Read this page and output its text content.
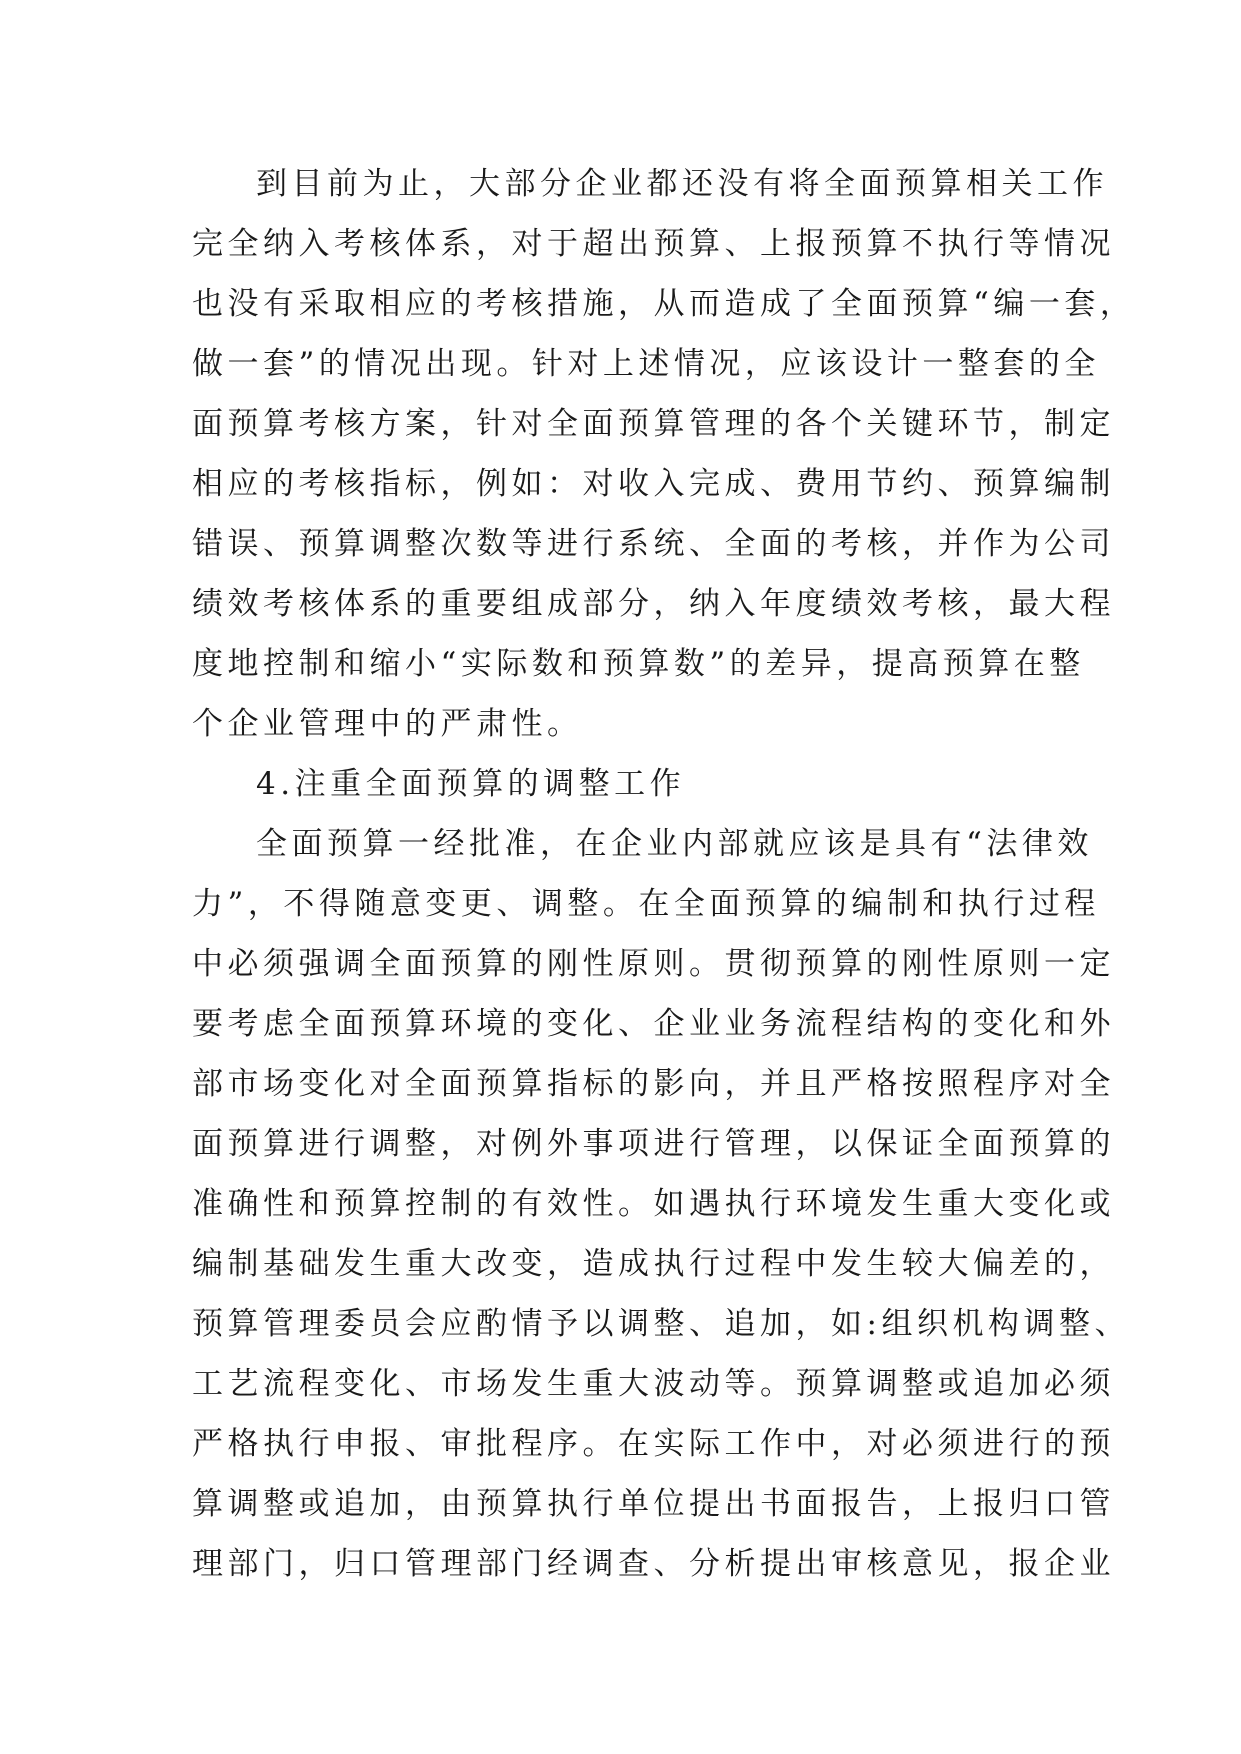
到目前为止，大部分企业都还没有将全面预算相关工作
完全纳入考核体系，对于超出预算、上报预算不执行等情况
也没有采取相应的考核措施，从而造成了全面预算“编一套，
做一套”的情况出现。针对上述情况，应该设计一整套的全
面预算考核方案，针对全面预算管理的各个关键环节，制定
相应的考核指标，例如：对收入完成、费用节约、预算编制
错误、预算调整次数等进行系统、全面的考核，并作为公司
绩效考核体系的重要组成部分，纳入年度绩效考核，最大程
度地控制和缩小“实际数和预算数”的差异，提高预算在整
个企业管理中的严肃性。
4.注重全面预算的调整工作
全面预算一经批准，在企业内部就应该是具有“法律效
力”，不得随意变更、调整。在全面预算的编制和执行过程
中必须强调全面预算的刚性原则。贯彻预算的刚性原则一定
要考虑全面预算环境的变化、企业业务流程结构的变化和外
部市场变化对全面预算指标的影向，并且严格按照程序对全
面预算进行调整，对例外事项进行管理，以保证全面预算的
准确性和预算控制的有效性。如遇执行环境发生重大变化或
编制基础发生重大改变，造成执行过程中发生较大偏差的，
预算管理委员会应酌情予以调整、追加，如:组织机构调整、
工艺流程变化、市场发生重大波动等。预算调整或追加必须
严格执行申报、审批程序。在实际工作中，对必须进行的预
算调整或追加，由预算执行单位提出书面报告，上报归口管
理部门，归口管理部门经调查、分析提出审核意见，报企业
